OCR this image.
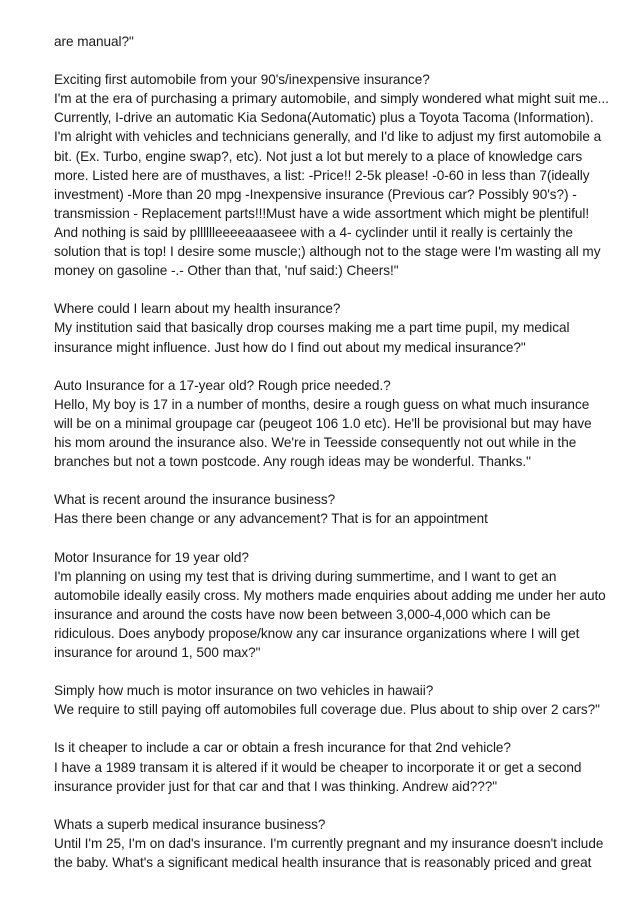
are manual?"
Exciting first automobile from your 90's/inexpensive insurance?
I'm at the era of purchasing a primary automobile, and simply wondered what might suit me...
Currently, I-drive an automatic Kia Sedona(Automatic) plus a Toyota Tacoma (Information).
I'm alright with vehicles and technicians generally, and I'd like to adjust my first automobile a
bit. (Ex. Turbo, engine swap?, etc). Not just a lot but merely to a place of knowledge cars
more. Listed here are of musthaves, a list: -Price!! 2-5k please! -0-60 in less than 7(ideally
investment) -More than 20 mpg -Inexpensive insurance (Previous car? Possibly 90's?) -
transmission - Replacement parts!!!Must have a wide assortment which might be plentiful!
And nothing is said by plllllleeeeaaaseee with a 4- cyclinder until it really is certainly the
solution that is top! I desire some muscle;) although not to the stage were I'm wasting all my
money on gasoline -.- Other than that, 'nuf said:) Cheers!"
Where could I learn about my health insurance?
My institution said that basically drop courses making me a part time pupil, my medical
insurance might influence. Just how do I find out about my medical insurance?"
Auto Insurance for a 17-year old? Rough price needed.?
Hello, My boy is 17 in a number of months, desire a rough guess on what much insurance
will be on a minimal groupage car (peugeot 106 1.0 etc). He'll be provisional but may have
his mom around the insurance also. We're in Teesside consequently not out while in the
branches but not a town postcode. Any rough ideas may be wonderful. Thanks."
What is recent around the insurance business?
Has there been change or any advancement? That is for an appointment
Motor Insurance for 19 year old?
I'm planning on using my test that is driving during summertime, and I want to get an
automobile ideally easily cross. My mothers made enquiries about adding me under her auto
insurance and around the costs have now been between 3,000-4,000 which can be
ridiculous. Does anybody propose/know any car insurance organizations where I will get
insurance for around 1, 500 max?"
Simply how much is motor insurance on two vehicles in hawaii?
We require to still paying off automobiles full coverage due. Plus about to ship over 2 cars?"
Is it cheaper to include a car or obtain a fresh incurance for that 2nd vehicle?
I have a 1989 transam it is altered if it would be cheaper to incorporate it or get a second
insurance provider just for that car and that I was thinking. Andrew aid???"
Whats a superb medical insurance business?
Until I'm 25, I'm on dad's insurance. I'm currently pregnant and my insurance doesn't include
the baby. What's a significant medical health insurance that is reasonably priced and great
